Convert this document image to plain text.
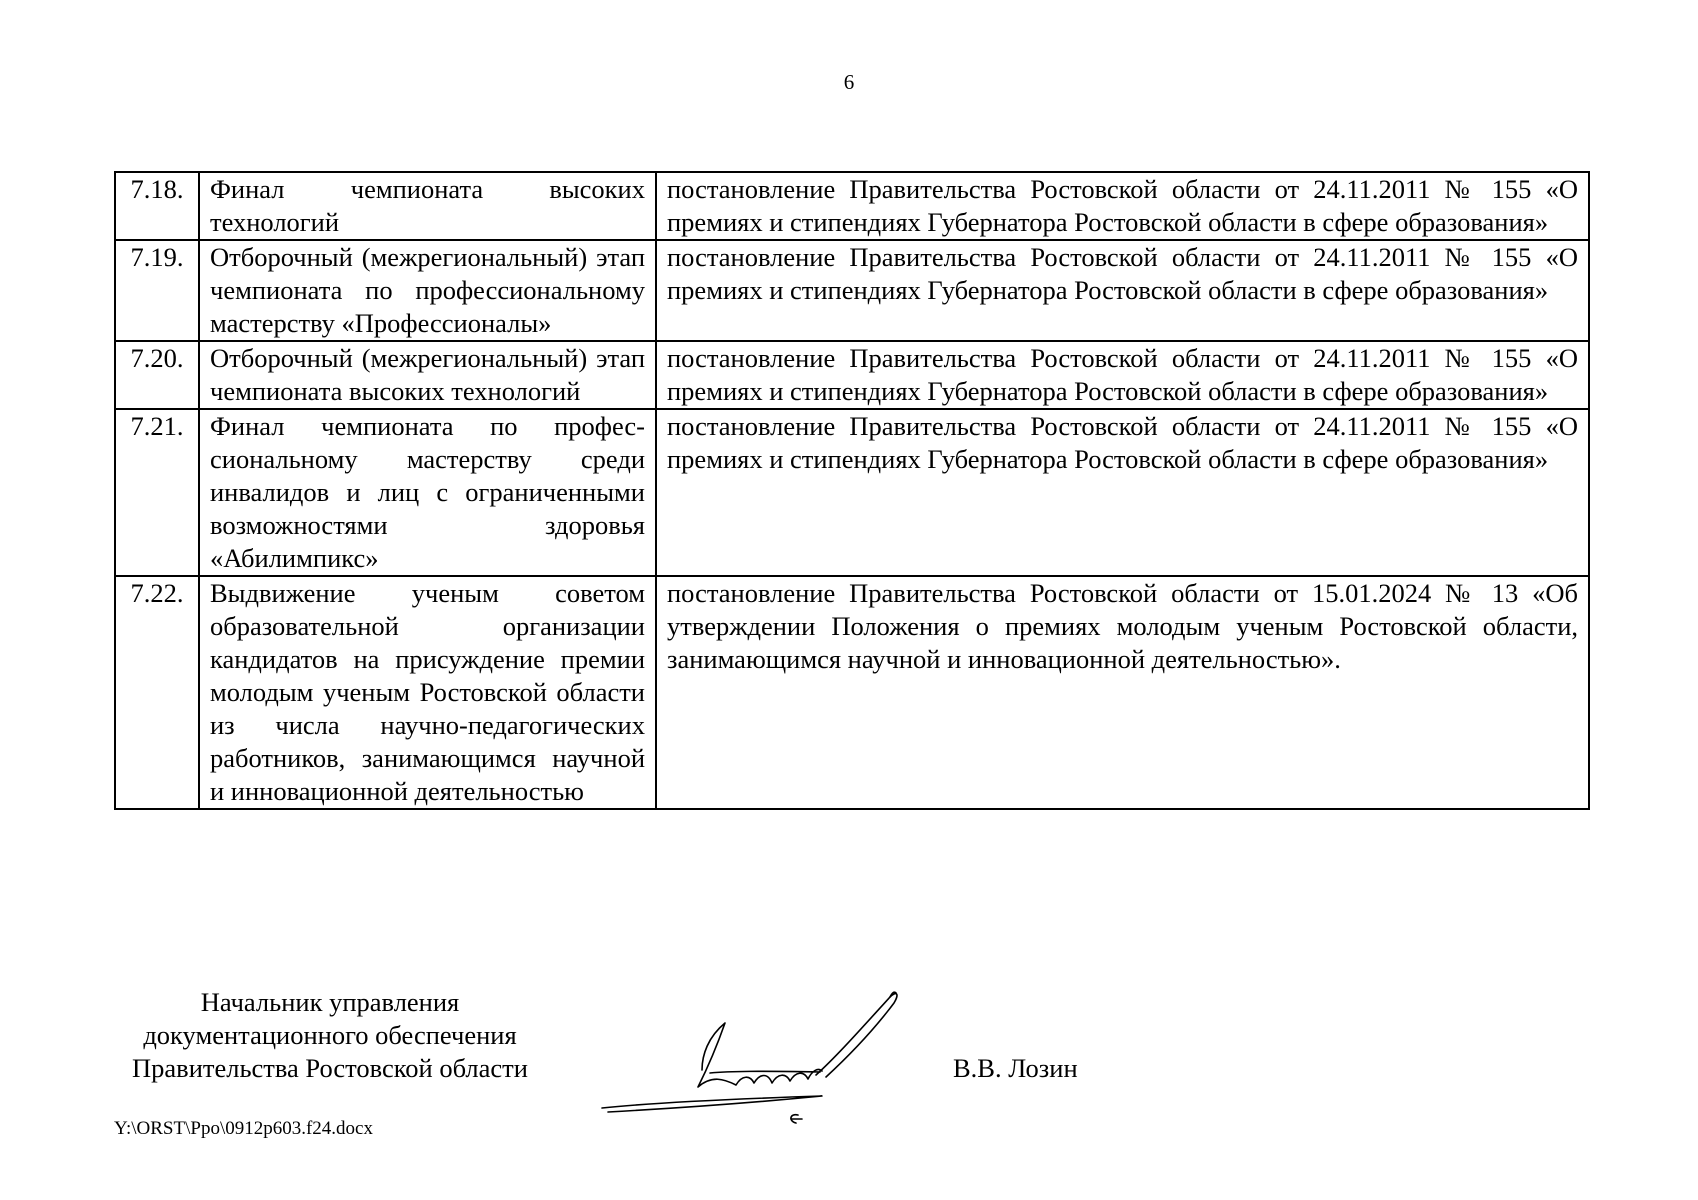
6
7.18.	Финал чемпионата высоких технологий	постановление Правительства Ростовской области от 24.11.2011 № 155 «О премиях и стипендиях Губернатора Ростовской области в сфере образования»
7.19.	Отборочный (межрегиональный) этап чемпионата по профессиональному мастерству «Профессионалы»	постановление Правительства Ростовской области от 24.11.2011 № 155 «О премиях и стипендиях Губернатора Ростовской области в сфере образования»
7.20.	Отборочный (межрегиональный) этап чемпионата высоких технологий	постановление Правительства Ростовской области от 24.11.2011 № 155 «О премиях и стипендиях Губернатора Ростовской области в сфере образования»
7.21.	Финал чемпионата по профессиональному мастерству среди инвалидов и лиц с ограниченными возможностями здоровья «Абилимпикс»	постановление Правительства Ростовской области от 24.11.2011 № 155 «О премиях и стипендиях Губернатора Ростовской области в сфере образования»
7.22.	Выдвижение ученым советом образовательной организации кандидатов на присуждение премии молодым ученым Ростовской области из числа научно-педагогических работников, занимающимся научной и инновационной деятельностью	постановление Правительства Ростовской области от 15.01.2024 № 13 «Об утверждении Положения о премиях молодым ученым Ростовской области, занимающимся научной и инновационной деятельностью».
Начальник управления
документационного обеспечения
Правительства Ростовской области	В.В. Лозин
Y:\ORST\Ppo\0912p603.f24.docx
